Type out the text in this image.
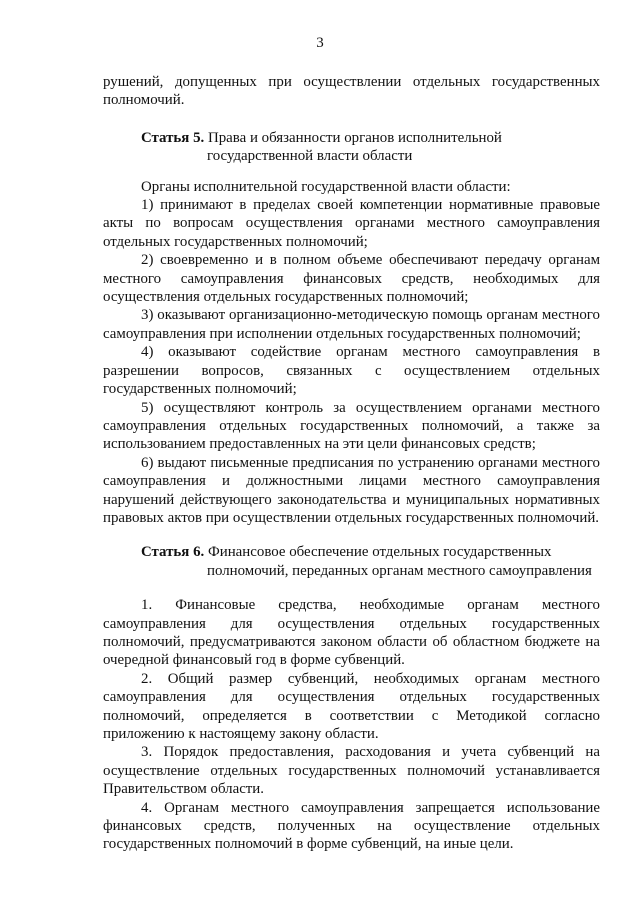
3

рушений, допущенных при осуществлении отдельных государственных полномочий.

Статья 5. Права и обязанности органов исполнительной
государственной власти области

Органы исполнительной государственной власти области:

1) принимают в пределах своей компетенции нормативные правовые акты по вопросам осуществления органами местного самоуправления отдельных государственных полномочий;

2) своевременно и в полном объеме обеспечивают передачу органам местного самоуправления финансовых средств, необходимых для осуществления отдельных государственных полномочий;

3) оказывают организационно-методическую помощь органам местного самоуправления при исполнении отдельных государственных полномочий;

4) оказывают содействие органам местного самоуправления в разрешении вопросов, связанных с осуществлением отдельных государственных полномочий;

5) осуществляют контроль за осуществлением органами местного самоуправления отдельных государственных полномочий, а также за использованием предоставленных на эти цели финансовых средств;

6) выдают письменные предписания по устранению органами местного самоуправления и должностными лицами местного самоуправления нарушений действующего законодательства и муниципальных нормативных правовых актов при осуществлении отдельных государственных полномочий.

Статья 6. Финансовое обеспечение отдельных государственных
полномочий, переданных органам местного самоуправления

1. Финансовые средства, необходимые органам местного самоуправления для осуществления отдельных государственных полномочий, предусматриваются законом области об областном бюджете на очередной финансовый год в форме субвенций.

2. Общий размер субвенций, необходимых органам местного самоуправления для осуществления отдельных государственных полномочий, определяется в соответствии с Методикой согласно приложению к настоящему закону области.

3. Порядок предоставления, расходования и учета субвенций на осуществление отдельных государственных полномочий устанавливается Правительством области.

4. Органам местного самоуправления запрещается использование финансовых средств, полученных на осуществление отдельных государственных полномочий в форме субвенций, на иные цели.
